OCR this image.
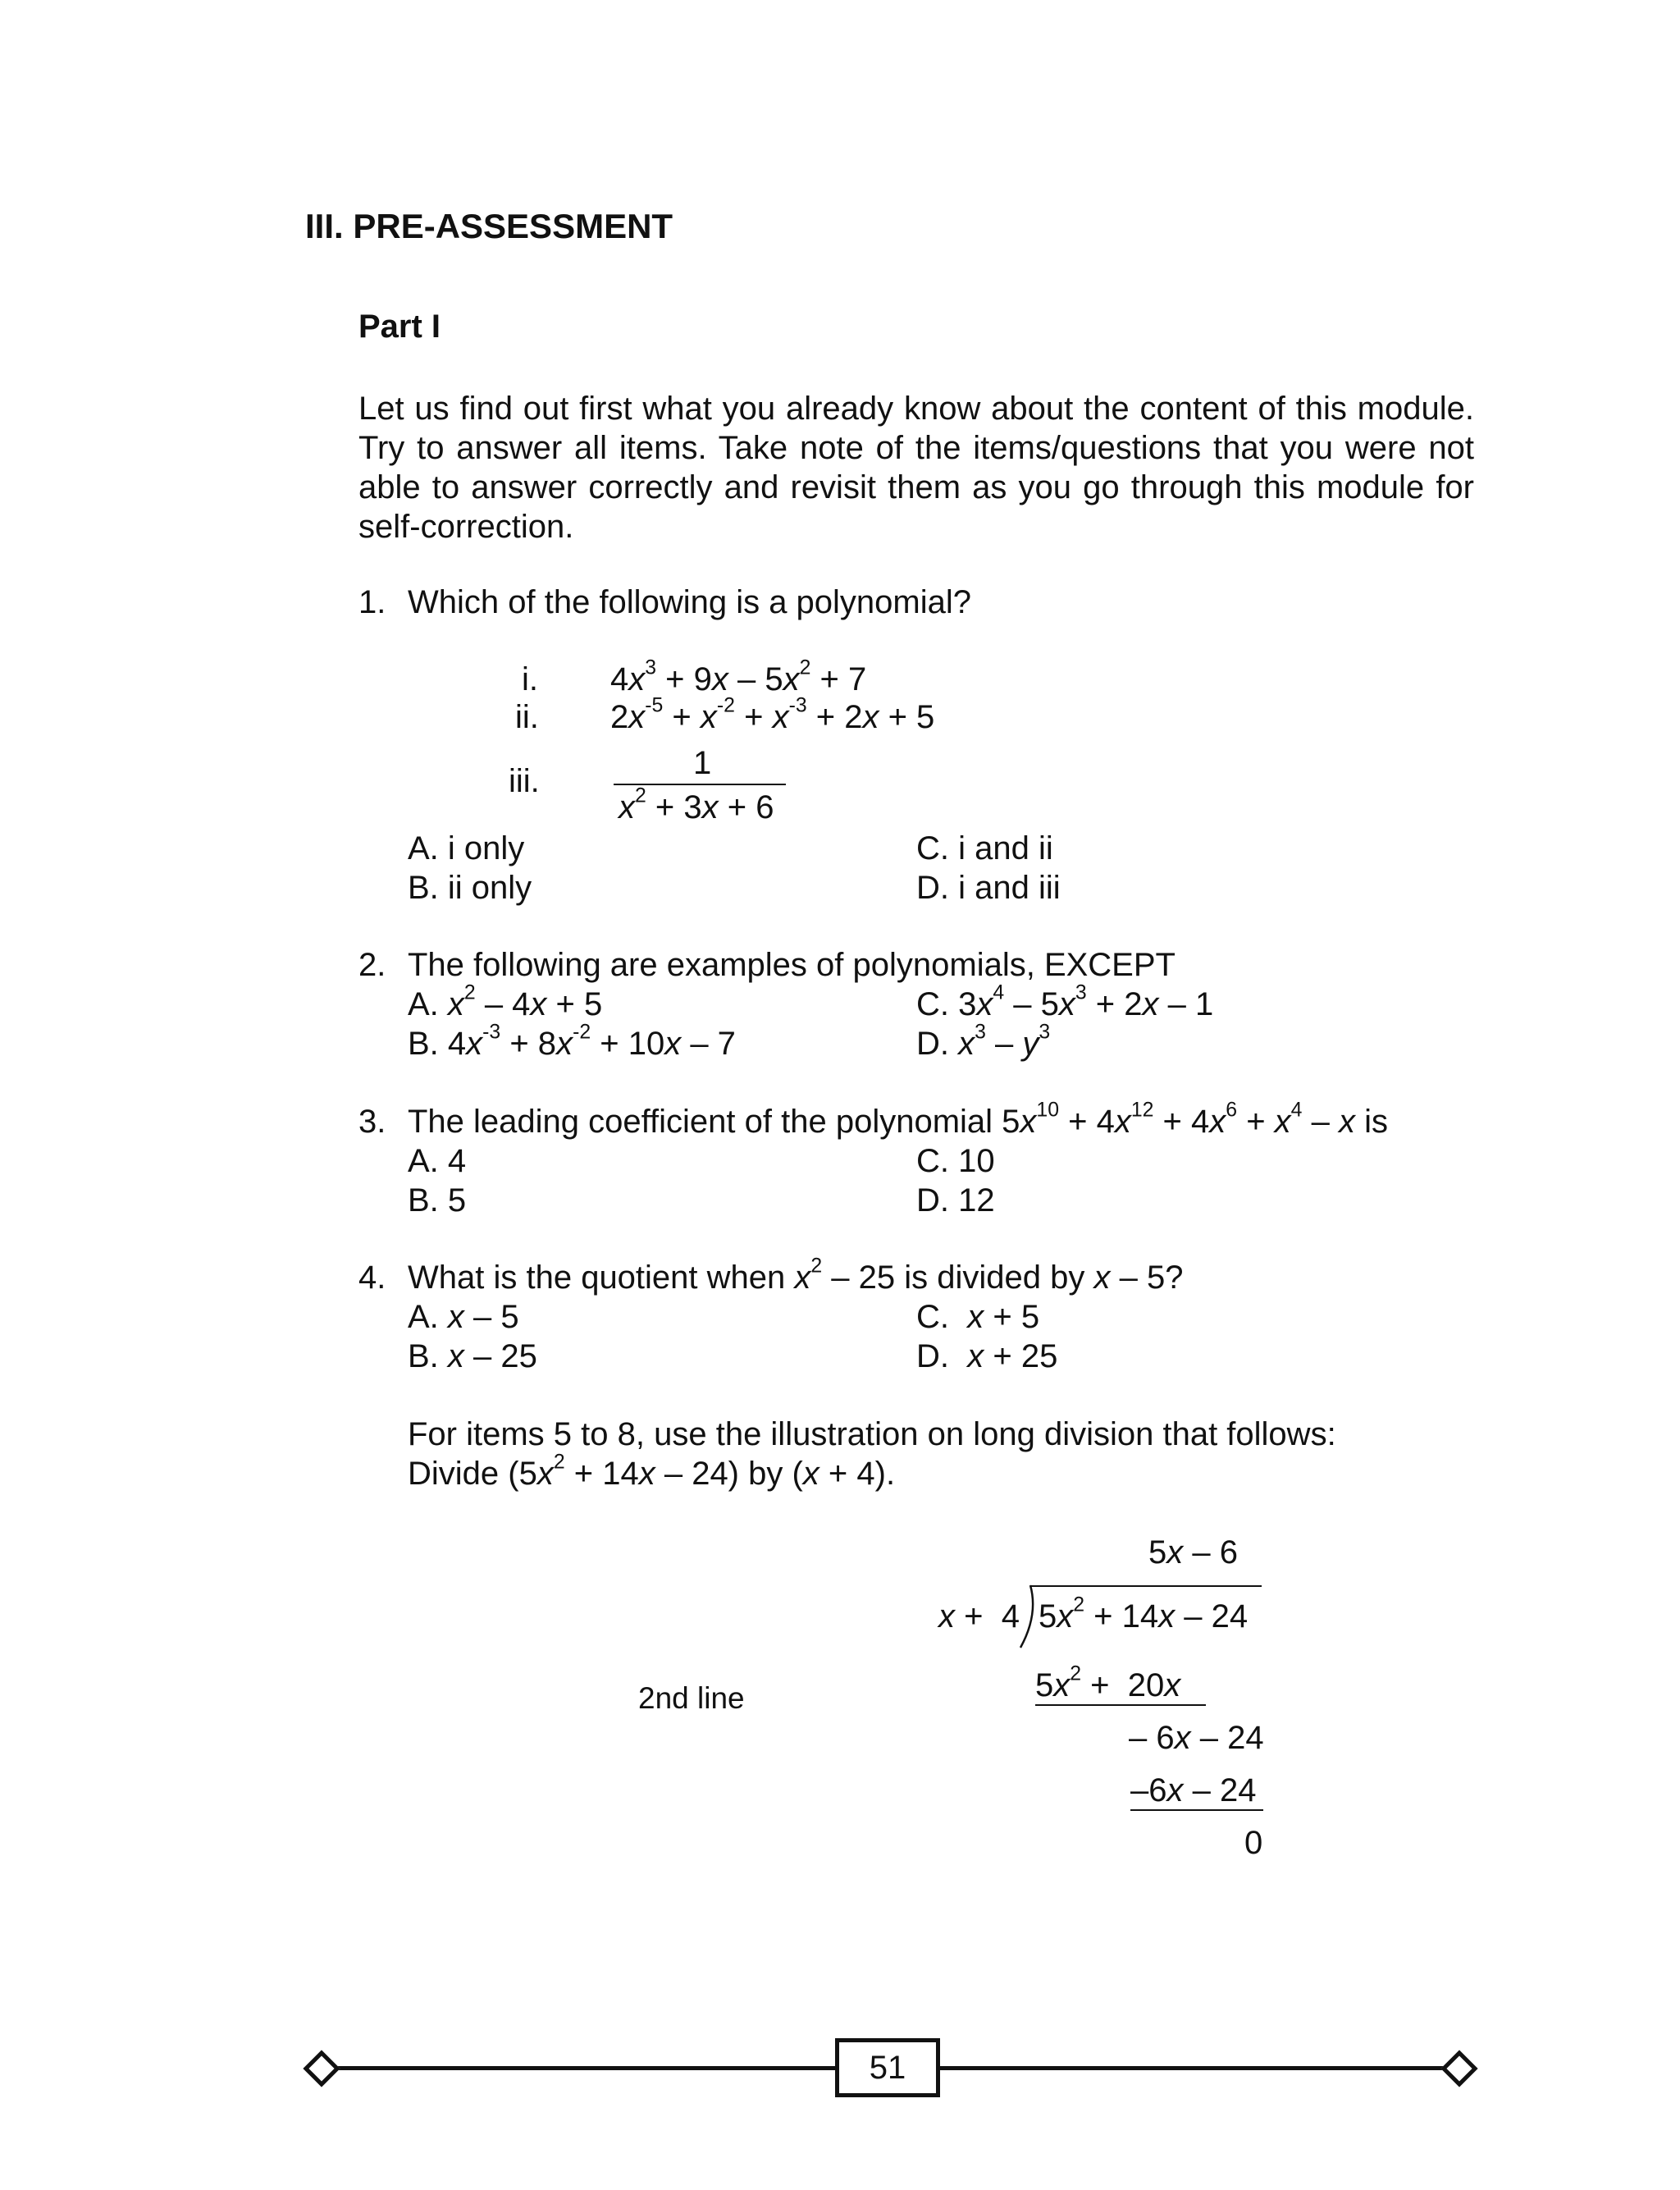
III. PRE-ASSESSMENT
Part I
Let us find out first what you already know about the content of this module. Try to answer all items. Take note of the items/questions that you were not able to answer correctly and revisit them as you go through this module for self-correction.
1. Which of the following is a polynomial?
i. $4x^3 + 9x - 5x^2 + 7$
ii. $2x^{-5} + x^{-2} + x^{-3} + 2x + 5$
iii.	1
$x^2 + 3x + 6$
A. i only
B. ii only
C. i and ii
D. i and iii
2. The following are examples of polynomials, EXCEPT
A. $x^2 - 4x + 5$
B. $4x^{-3} + 8x^{-2} + 10x - 7$
C. $3x^4 - 5x^3 + 2x - 1$
D. $x^3 - y^3$
3. The leading coefficient of the polynomial $5x^{10} + 4x^{12} + 4x^6 + x^4 - x$ is
A. 4
B. 5
C. 10
D. 12
4. What is the quotient when $x^2 - 25$ is divided by x – 5?
A. x – 5
B. x – 25
C.  x + 5
D.  x + 25
For items 5 to 8, use the illustration on long division that follows:
Divide $(5x^2 + 14x - 24)$ by (x + 4).
5x – 6
x +  4 $5x^2 + 14x - 24$
2nd line	$5x^2 + 20x$
– 6x – 24
–6x – 24
0
51
